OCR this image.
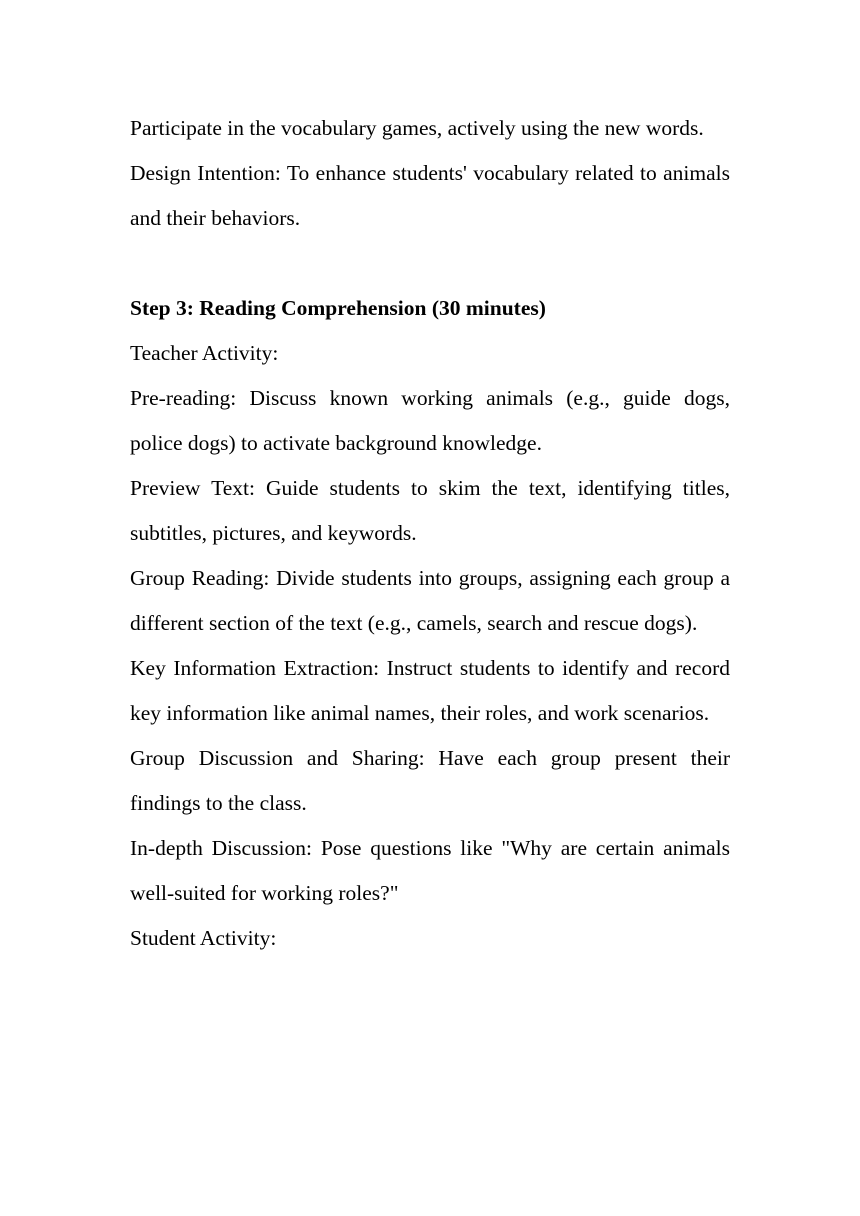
Participate in the vocabulary games, actively using the new words.

Design Intention: To enhance students' vocabulary related to animals and their behaviors.

Step 3: Reading Comprehension (30 minutes)

Teacher Activity:

Pre-reading: Discuss known working animals (e.g., guide dogs, police dogs) to activate background knowledge.

Preview Text: Guide students to skim the text, identifying titles, subtitles, pictures, and keywords.

Group Reading: Divide students into groups, assigning each group a different section of the text (e.g., camels, search and rescue dogs).

Key Information Extraction: Instruct students to identify and record key information like animal names, their roles, and work scenarios.

Group Discussion and Sharing: Have each group present their findings to the class.

In-depth Discussion: Pose questions like "Why are certain animals well-suited for working roles?"

Student Activity:
